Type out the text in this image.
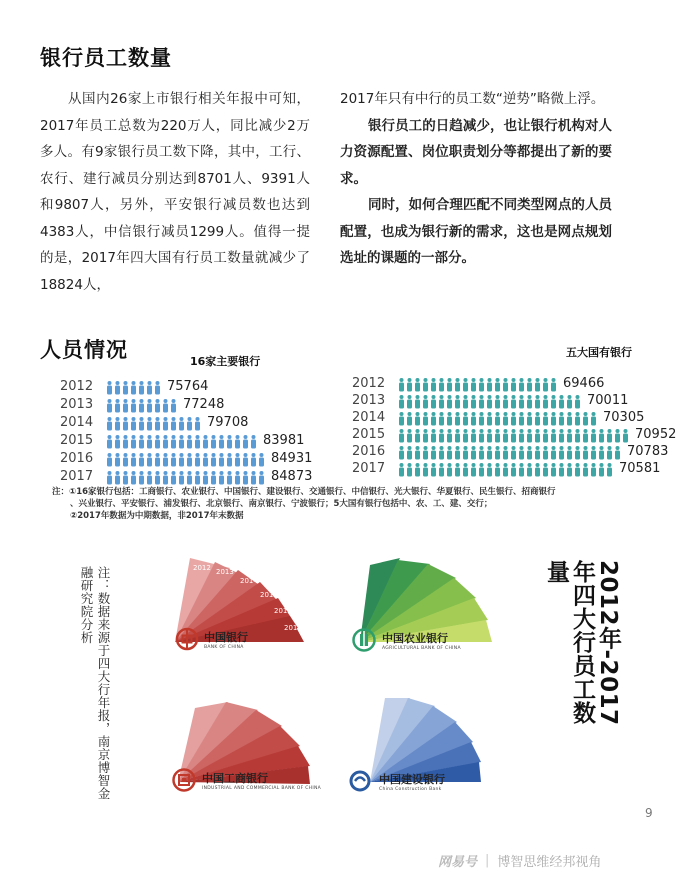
银行员工数量

从国内26家上市银行相关年报中可知，2017年员工总数为220万人，同比减少2万多人。有9家银行员工数下降，其中，工行、农行、建行减员分别达到8701人、9391人和9807人，另外，平安银行减员数也达到4383人，中信银行减员1299人。值得一提的是，2017年四大国有行员工数量就减少了18824人，

2017年只有中行的员工数“逆势”略微上浮。

银行员工的日趋减少，也让银行机构对人力资源配置、岗位职责划分等都提出了新的要求。

同时，如何合理匹配不同类型网点的人员配置，也成为银行新的需求，这也是网点规划选址的课题的一部分。

人员情况	16家主要银行
五大国有银行
2012	75764
2013	77248
2014	79708
2015	83981
2016	84931
2017	84873
2012	69466
2013	70011
2014	70305
2015	70952
2016	70783
2017	70581
注：①16家银行包括：工商银行、农业银行、中国银行、建设银行、交通银行、中信银行、光大银行、华夏银行、民生银行、招商银行
、兴业银行、平安银行、浦发银行、北京银行、南京银行、宁波银行；5大国有银行包括中、农、工、建、交行；
②2017年数据为中期数据，非2017年末数据
注：数据来源于四大行年报，南京博智金融研究院分析	2012 2013
2014
2015
2016
2017
中国银行
BANK OF CHINA
中国农业银行
AGRICULTURAL BANK OF CHINA
中国工商银行
INDUSTRIAL AND COMMERCIAL BANK OF CHINA
中国建设银行
China Construction Bank
2012年-2017年四大行员工数量
9
网易号 | 博智思维经邦视角
